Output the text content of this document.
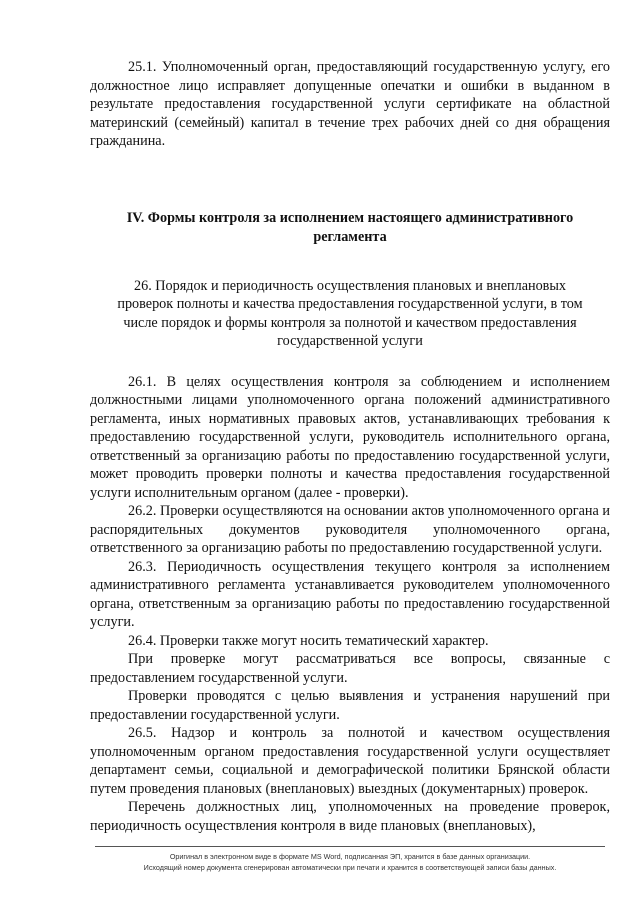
25.1. Уполномоченный орган, предоставляющий государственную услугу, его должностное лицо исправляет допущенные опечатки и ошибки в выданном в результате предоставления государственной услуги сертификате на областной материнский (семейный) капитал в течение трех рабочих дней со дня обращения гражданина.

IV. Формы контроля за исполнением настоящего административного регламента

26. Порядок и периодичность осуществления плановых и внеплановых проверок полноты и качества предоставления государственной услуги, в том числе порядок и формы контроля за полнотой и качеством предоставления государственной услуги

26.1. В целях осуществления контроля за соблюдением и исполнением должностными лицами уполномоченного органа положений административного регламента, иных нормативных правовых актов, устанавливающих требования к предоставлению государственной услуги, руководитель исполнительного органа, ответственный за организацию работы по предоставлению государственной услуги, может проводить проверки полноты и качества предоставления государственной услуги исполнительным органом (далее - проверки).

26.2. Проверки осуществляются на основании актов уполномоченного органа и распорядительных документов руководителя уполномоченного органа, ответственного за организацию работы по предоставлению государственной услуги.

26.3. Периодичность осуществления текущего контроля за исполнением административного регламента устанавливается руководителем уполномоченного органа, ответственным за организацию работы по предоставлению государственной услуги.

26.4. Проверки также могут носить тематический характер.

При проверке могут рассматриваться все вопросы, связанные с предоставлением государственной услуги.

Проверки проводятся с целью выявления и устранения нарушений при предоставлении государственной услуги.

26.5. Надзор и контроль за полнотой и качеством осуществления уполномоченным органом предоставления государственной услуги осуществляет департамент семьи, социальной и демографической политики Брянской области путем проведения плановых (внеплановых) выездных (документарных) проверок.

Перечень должностных лиц, уполномоченных на проведение проверок, периодичность осуществления контроля в виде плановых (внеплановых),

Оригинал в электронном виде в формате MS Word, подписанная ЭП, хранится в базе данных организации.
Исходящий номер документа сгенерирован автоматически при печати и хранится в соответствующей записи базы данных.
